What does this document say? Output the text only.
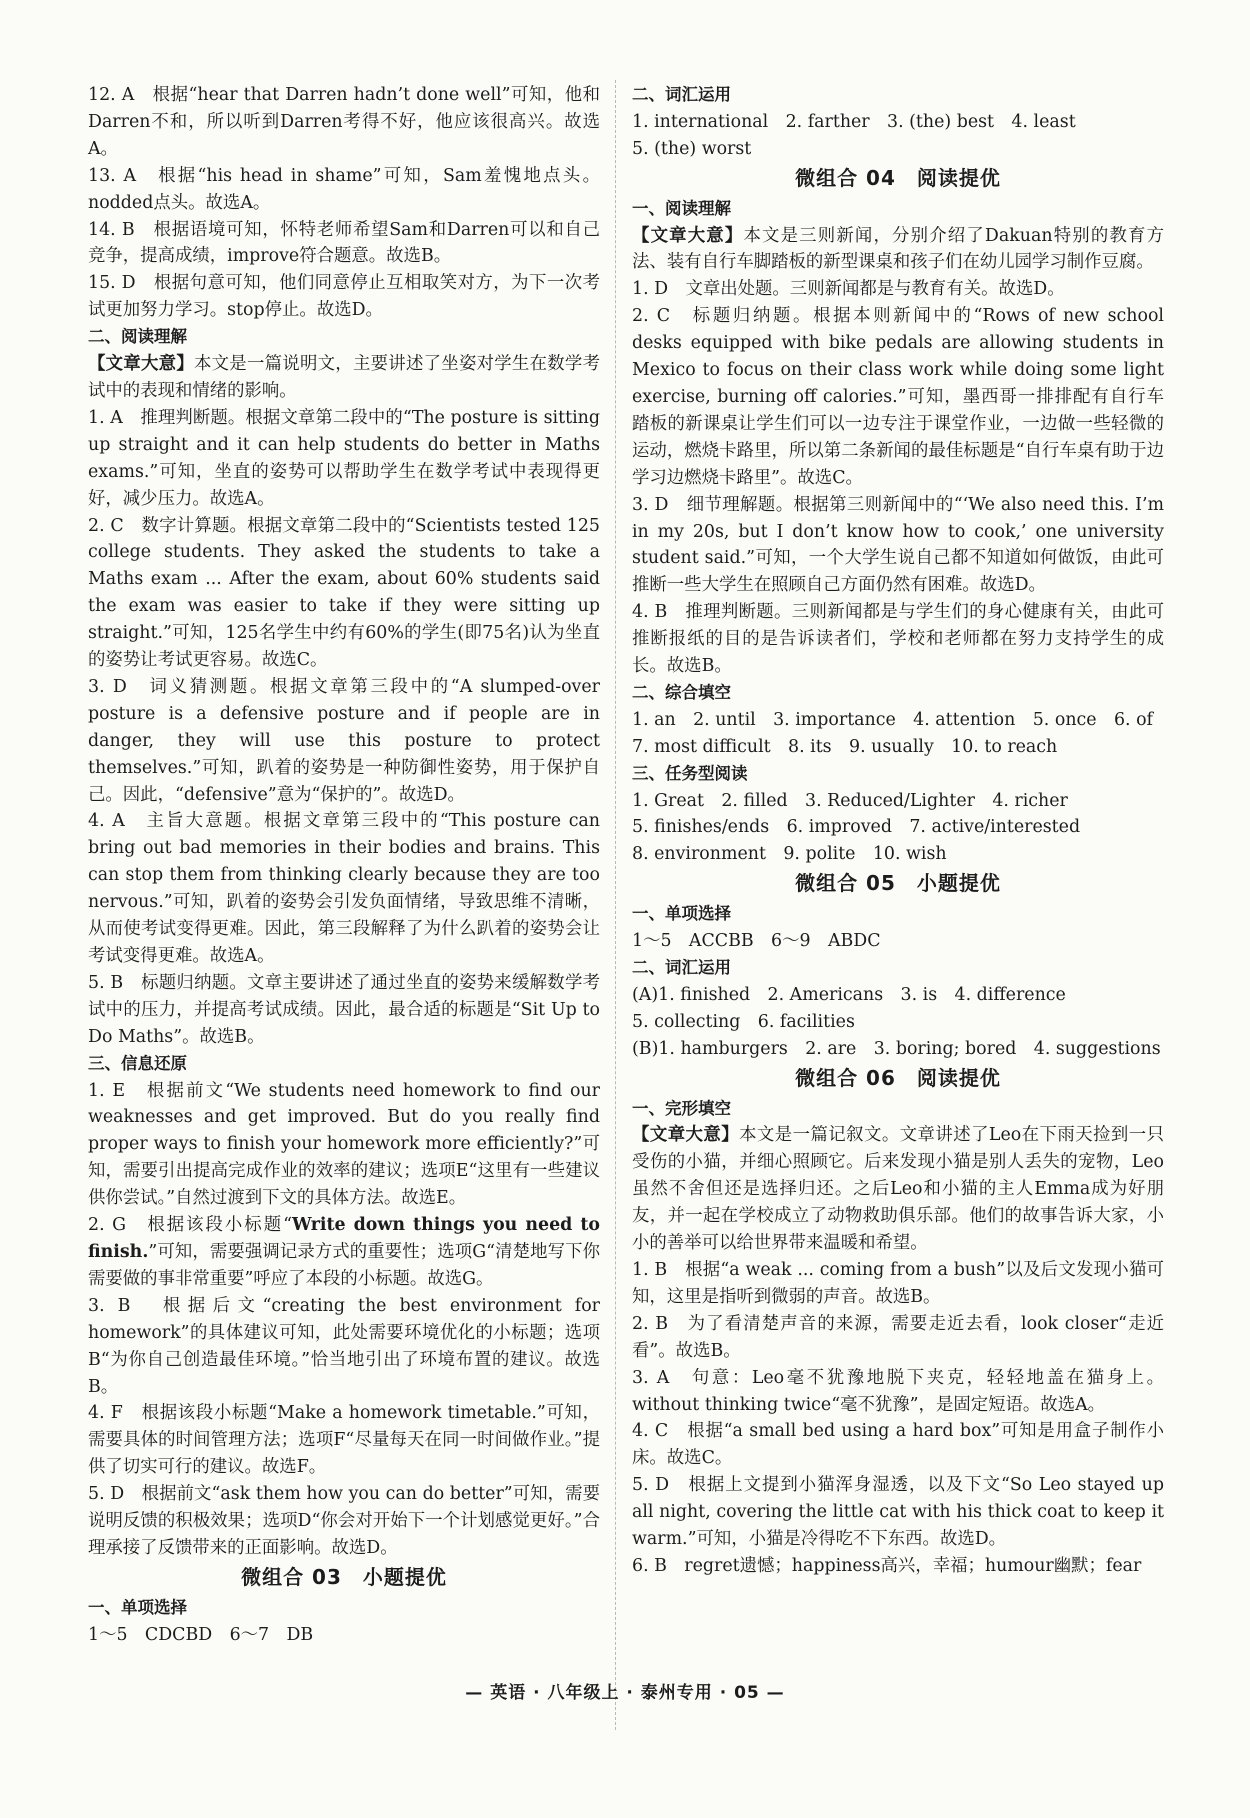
12. A　根据“hear that Darren hadn’t done well”可知，他和Darren不和，所以听到Darren考得不好，他应该很高兴。故选A。

13. A　根据“his head in shame”可知，Sam羞愧地点头。nodded点头。故选A。

14. B　根据语境可知，怀特老师希望Sam和Darren可以和自己竞争，提高成绩，improve符合题意。故选B。

15. D　根据句意可知，他们同意停止互相取笑对方，为下一次考试更加努力学习。stop停止。故选D。

二、阅读理解

【文章大意】本文是一篇说明文，主要讲述了坐姿对学生在数学考试中的表现和情绪的影响。

1. A　推理判断题。根据文章第二段中的“The posture is sitting up straight and it can help students do better in Maths exams.”可知，坐直的姿势可以帮助学生在数学考试中表现得更好，减少压力。故选A。

2. C　数字计算题。根据文章第二段中的“Scientists tested 125 college students. They asked the students to take a Maths exam ... After the exam, about 60% students said the exam was easier to take if they were sitting up straight.”可知，125名学生中约有60%的学生(即75名)认为坐直的姿势让考试更容易。故选C。

3. D　词义猜测题。根据文章第三段中的“A slumped-over posture is a defensive posture and if people are in danger, they will use this posture to protect themselves.”可知，趴着的姿势是一种防御性姿势，用于保护自己。因此，“defensive”意为“保护的”。故选D。

4. A　主旨大意题。根据文章第三段中的“This posture can bring out bad memories in their bodies and brains. This can stop them from thinking clearly because they are too nervous.”可知，趴着的姿势会引发负面情绪，导致思维不清晰，从而使考试变得更难。因此，第三段解释了为什么趴着的姿势会让考试变得更难。故选A。

5. B　标题归纳题。文章主要讲述了通过坐直的姿势来缓解数学考试中的压力，并提高考试成绩。因此，最合适的标题是“Sit Up to Do Maths”。故选B。

三、信息还原

1. E　根据前文“We students need homework to find our weaknesses and get improved. But do you really find proper ways to finish your homework more efficiently?”可知，需要引出提高完成作业的效率的建议；选项E“这里有一些建议供你尝试。”自然过渡到下文的具体方法。故选E。

2. G　根据该段小标题“Write down things you need to finish.”可知，需要强调记录方式的重要性；选项G“清楚地写下你需要做的事非常重要”呼应了本段的小标题。故选G。

3. B　根据后文“creating the best environment for homework”的具体建议可知，此处需要环境优化的小标题；选项B“为你自己创造最佳环境。”恰当地引出了环境布置的建议。故选B。

4. F　根据该段小标题“Make a homework timetable.”可知，需要具体的时间管理方法；选项F“尽量每天在同一时间做作业。”提供了切实可行的建议。故选F。

5. D　根据前文“ask them how you can do better”可知，需要说明反馈的积极效果；选项D“你会对开始下一个计划感觉更好。”合理承接了反馈带来的正面影响。故选D。

微组合 03　小题提优

一、单项选择

1～5　CDCBD　6～7　DB

二、词汇运用

1. international　2. farther　3. (the) best　4. least

5. (the) worst

微组合 04　阅读提优

一、阅读理解

【文章大意】本文是三则新闻，分别介绍了Dakuan特别的教育方法、装有自行车脚踏板的新型课桌和孩子们在幼儿园学习制作豆腐。

1. D　文章出处题。三则新闻都是与教育有关。故选D。

2. C　标题归纳题。根据本则新闻中的“Rows of new school desks equipped with bike pedals are allowing students in Mexico to focus on their class work while doing some light exercise, burning off calories.”可知，墨西哥一排排配有自行车踏板的新课桌让学生们可以一边专注于课堂作业，一边做一些轻微的运动，燃烧卡路里，所以第二条新闻的最佳标题是“自行车桌有助于边学习边燃烧卡路里”。故选C。

3. D　细节理解题。根据第三则新闻中的“‘We also need this. I’m in my 20s, but I don’t know how to cook,’ one university student said.”可知，一个大学生说自己都不知道如何做饭，由此可推断一些大学生在照顾自己方面仍然有困难。故选D。

4. B　推理判断题。三则新闻都是与学生们的身心健康有关，由此可推断报纸的目的是告诉读者们，学校和老师都在努力支持学生的成长。故选B。

二、综合填空

1. an　2. until　3. importance　4. attention　5. once　6. of

7. most difficult　8. its　9. usually　10. to reach

三、任务型阅读

1. Great　2. filled　3. Reduced/Lighter　4. richer

5. finishes/ends　6. improved　7. active/interested

8. environment　9. polite　10. wish

微组合 05　小题提优

一、单项选择

1～5　ACCBB　6～9　ABDC

二、词汇运用

(A)1. finished　2. Americans　3. is　4. difference

5. collecting　6. facilities

(B)1. hamburgers　2. are　3. boring; bored　4. suggestions

微组合 06　阅读提优

一、完形填空

【文章大意】本文是一篇记叙文。文章讲述了Leo在下雨天捡到一只受伤的小猫，并细心照顾它。后来发现小猫是别人丢失的宠物，Leo虽然不舍但还是选择归还。之后Leo和小猫的主人Emma成为好朋友，并一起在学校成立了动物救助俱乐部。他们的故事告诉大家，小小的善举可以给世界带来温暖和希望。

1. B　根据“a weak ... coming from a bush”以及后文发现小猫可知，这里是指听到微弱的声音。故选B。

2. B　为了看清楚声音的来源，需要走近去看，look closer“走近看”。故选B。

3. A　句意：Leo毫不犹豫地脱下夹克，轻轻地盖在猫身上。without thinking twice“毫不犹豫”，是固定短语。故选A。

4. C　根据“a small bed using a hard box”可知是用盒子制作小床。故选C。

5. D　根据上文提到小猫浑身湿透，以及下文“So Leo stayed up all night, covering the little cat with his thick coat to keep it warm.”可知，小猫是冷得吃不下东西。故选D。

6. B　regret遗憾；happiness高兴，幸福；humour幽默；fear

— 英语 · 八年级上 · 泰州专用 · 05 —
